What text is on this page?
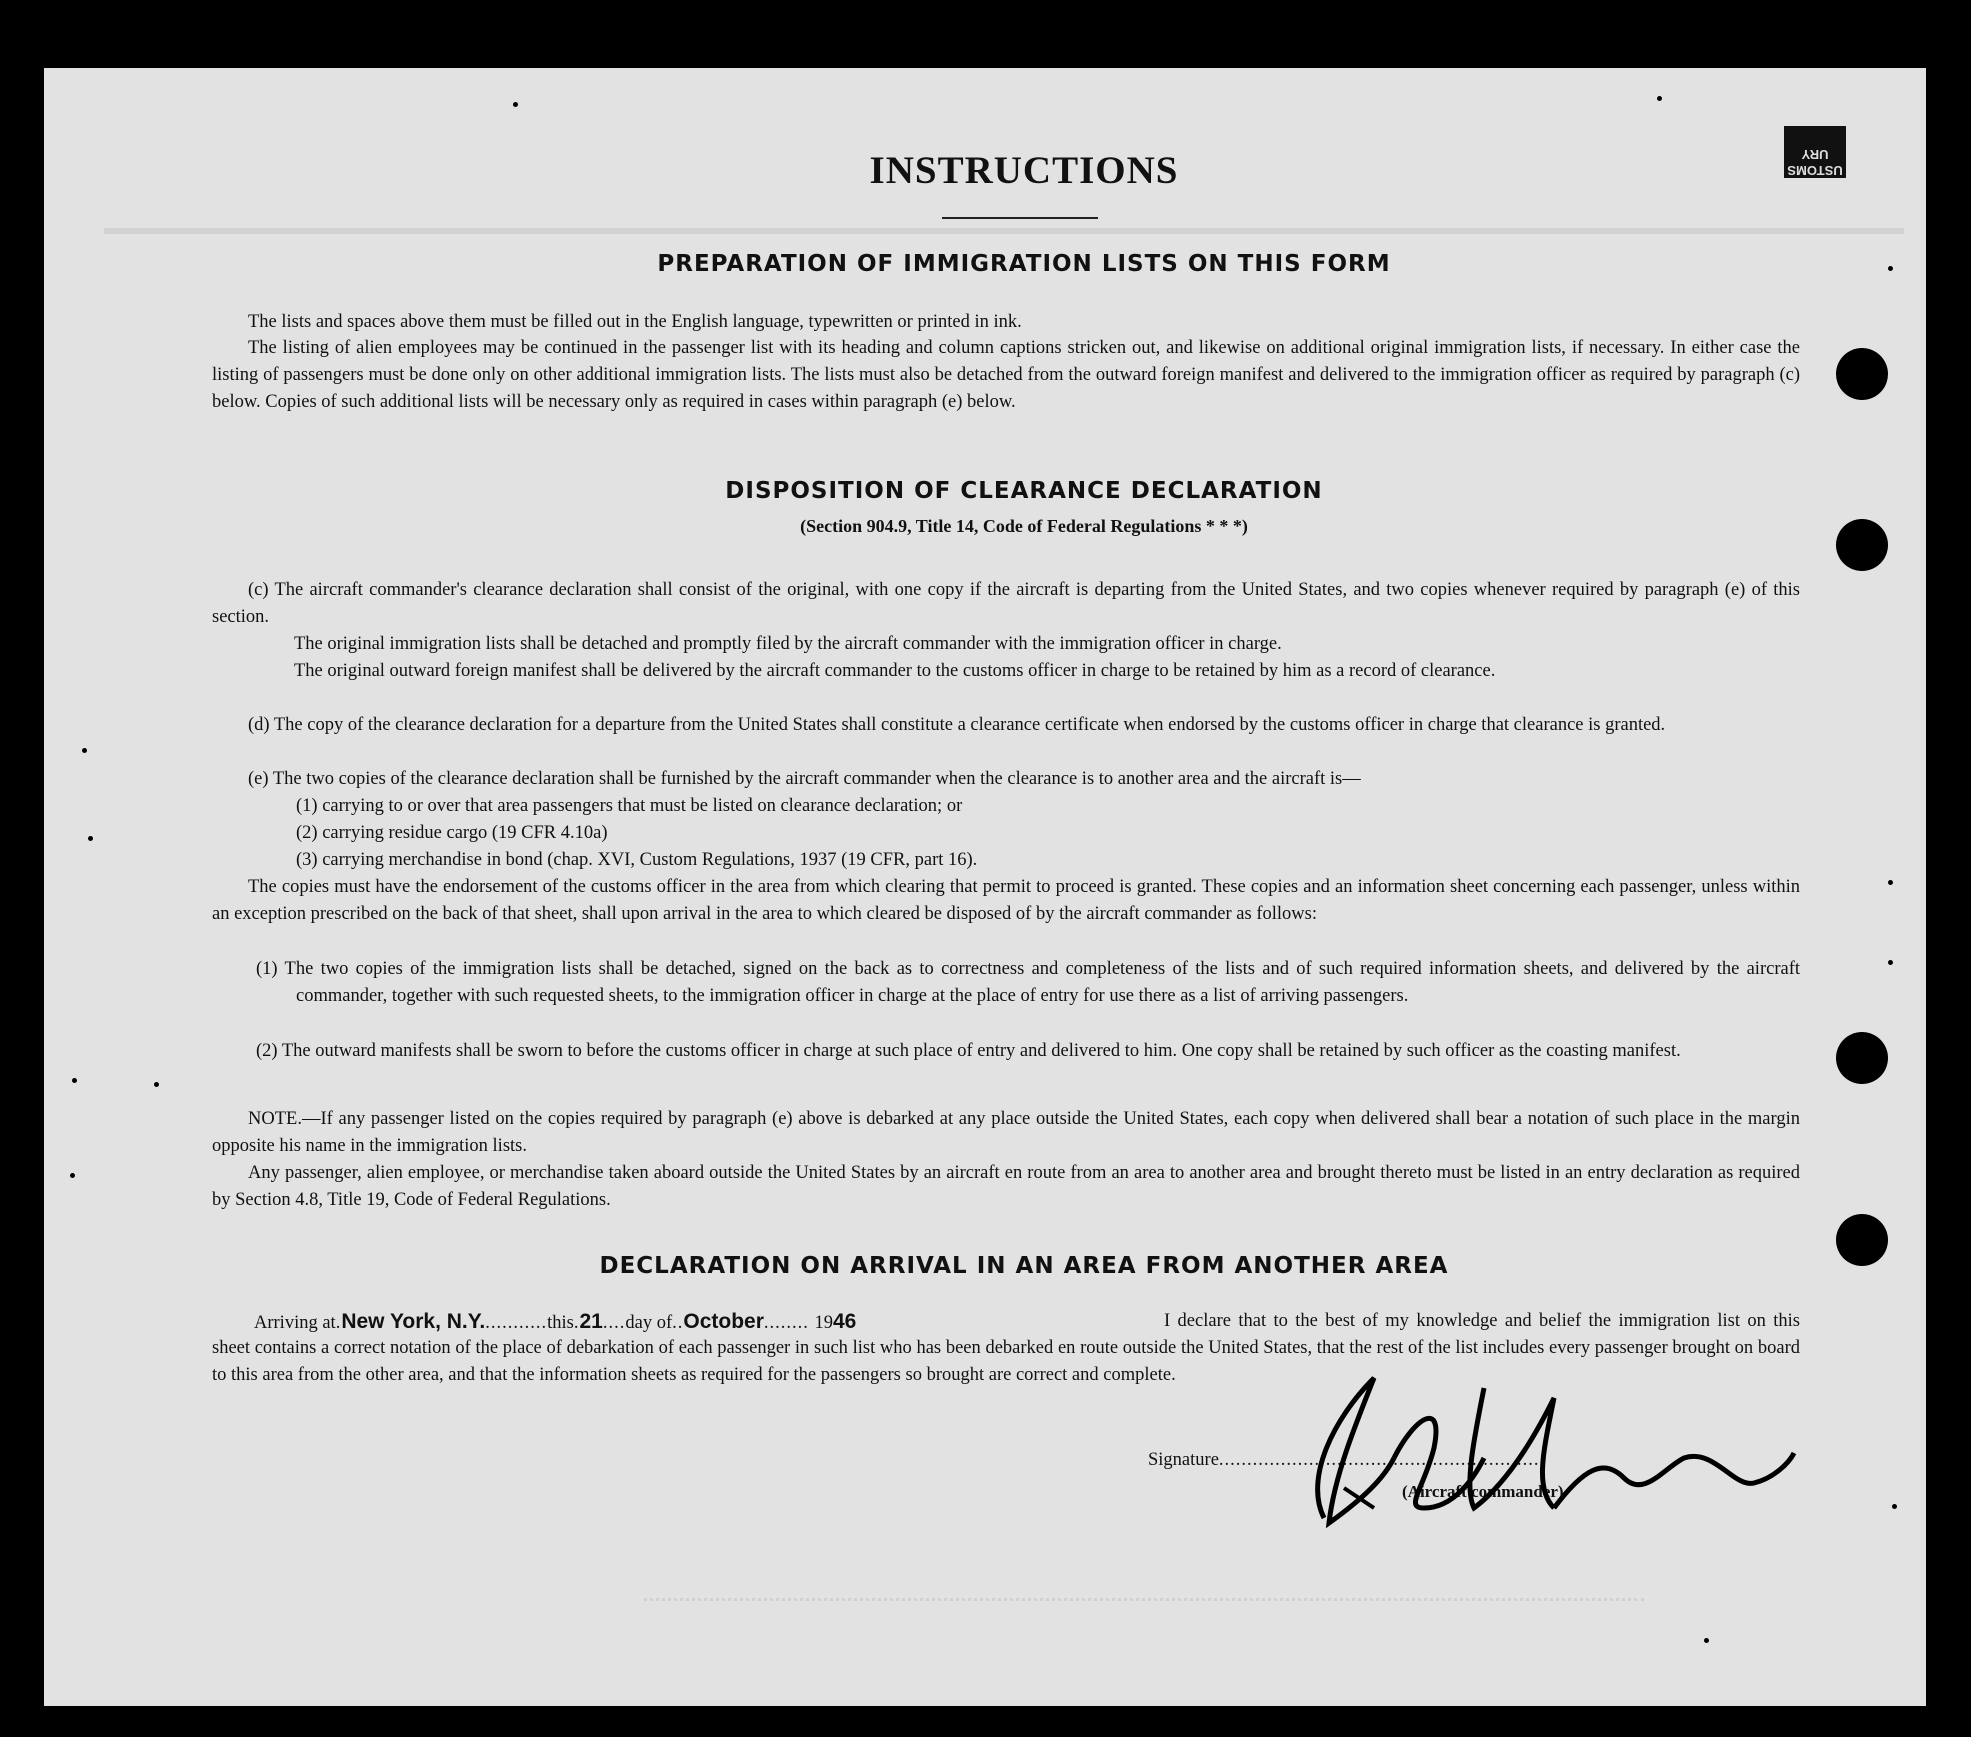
USTOMS URY
INSTRUCTIONS
PREPARATION OF IMMIGRATION LISTS ON THIS FORM
The lists and spaces above them must be filled out in the English language, typewritten or printed in ink.
The listing of alien employees may be continued in the passenger list with its heading and column captions stricken out, and likewise on additional original immigration lists, if necessary. In either case the listing of passengers must be done only on other additional immigration lists. The lists must also be detached from the outward foreign manifest and delivered to the immigration officer as required by paragraph (c) below. Copies of such additional lists will be necessary only as required in cases within paragraph (e) below.
DISPOSITION OF CLEARANCE DECLARATION
(Section 904.9, Title 14, Code of Federal Regulations * * *)
(c) The aircraft commander's clearance declaration shall consist of the original, with one copy if the aircraft is departing from the United States, and two copies whenever required by paragraph (e) of this section.
The original immigration lists shall be detached and promptly filed by the aircraft commander with the immigration officer in charge.
The original outward foreign manifest shall be delivered by the aircraft commander to the customs officer in charge to be retained by him as a record of clearance.
(d) The copy of the clearance declaration for a departure from the United States shall constitute a clearance certificate when endorsed by the customs officer in charge that clearance is granted.
(e) The two copies of the clearance declaration shall be furnished by the aircraft commander when the clearance is to another area and the aircraft is—
(1) carrying to or over that area passengers that must be listed on clearance declaration; or
(2) carrying residue cargo (19 CFR 4.10a)
(3) carrying merchandise in bond (chap. XVI, Custom Regulations, 1937 (19 CFR, part 16).
The copies must have the endorsement of the customs officer in the area from which clearing that permit to proceed is granted. These copies and an information sheet concerning each passenger, unless within an exception prescribed on the back of that sheet, shall upon arrival in the area to which cleared be disposed of by the aircraft commander as follows:
(1) The two copies of the immigration lists shall be detached, signed on the back as to correctness and completeness of the lists and of such required information sheets, and delivered by the aircraft commander, together with such requested sheets, to the immigration officer in charge at the place of entry for use there as a list of arriving passengers.
(2) The outward manifests shall be sworn to before the customs officer in charge at such place of entry and delivered to him. One copy shall be retained by such officer as the coasting manifest.
NOTE.—If any passenger listed on the copies required by paragraph (e) above is debarked at any place outside the United States, each copy when delivered shall bear a notation of such place in the margin opposite his name in the immigration lists.
Any passenger, alien employee, or merchandise taken aboard outside the United States by an aircraft en route from an area to another area and brought thereto must be listed in an entry declaration as required by Section 4.8, Title 19, Code of Federal Regulations.
DECLARATION ON ARRIVAL IN AN AREA FROM ANOTHER AREA
Arriving at.New York, N.Y............this.21....day of..October........ 1946	I declare that to the best of my knowledge and belief the immigration list on this sheet contains a correct notation of the place of debarkation of each passenger in such list who has been debarked en route outside the United States, that the rest of the list includes every passenger brought on board to this area from the other area, and that the information sheets as required for the passengers so brought are correct and complete.
Signature..........................................................
(Aircraft commander)
